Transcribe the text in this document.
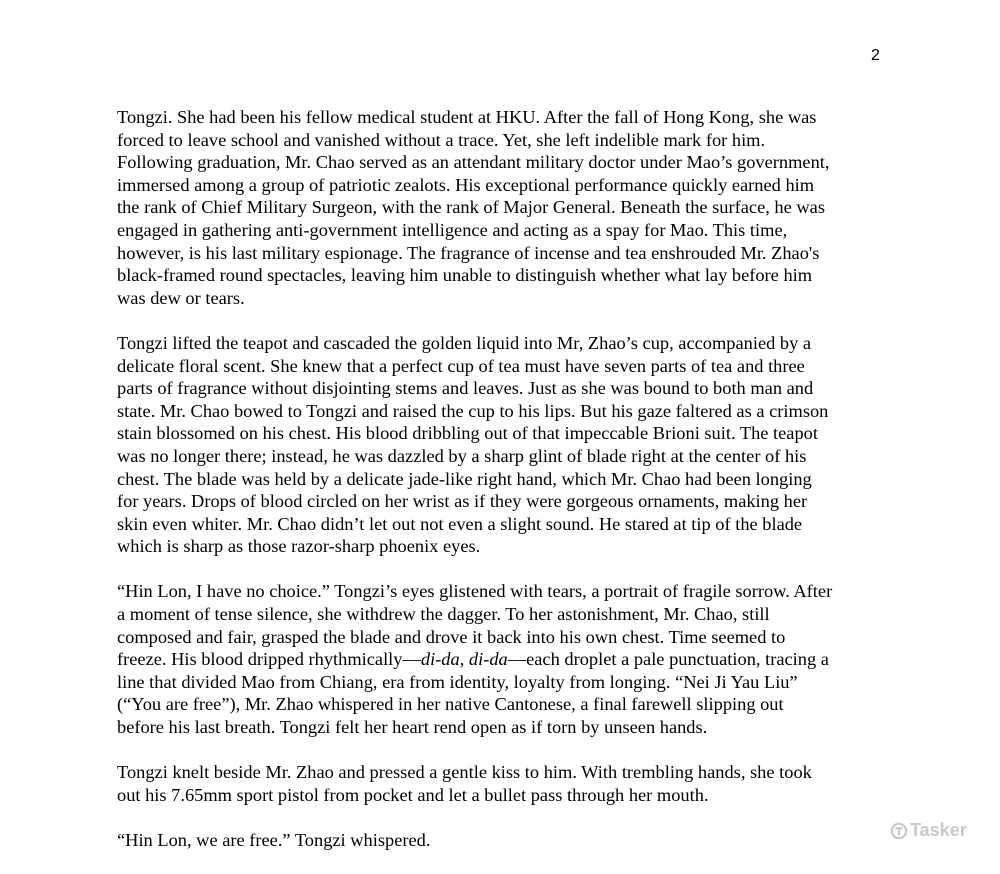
2
Tongzi. She had been his fellow medical student at HKU. After the fall of Hong Kong, she was
forced to leave school and vanished without a trace. Yet, she left indelible mark for him.
Following graduation, Mr. Chao served as an attendant military doctor under Mao’s government,
immersed among a group of patriotic zealots. His exceptional performance quickly earned him
the rank of Chief Military Surgeon, with the rank of Major General. Beneath the surface, he was
engaged in gathering anti-government intelligence and acting as a spay for Mao. This time,
however, is his last military espionage. The fragrance of incense and tea enshrouded Mr. Zhao's
black-framed round spectacles, leaving him unable to distinguish whether what lay before him
was dew or tears.
Tongzi lifted the teapot and cascaded the golden liquid into Mr, Zhao’s cup, accompanied by a
delicate floral scent. She knew that a perfect cup of tea must have seven parts of tea and three
parts of fragrance without disjointing stems and leaves. Just as she was bound to both man and
state. Mr. Chao bowed to Tongzi and raised the cup to his lips. But his gaze faltered as a crimson
stain blossomed on his chest. His blood dribbling out of that impeccable Brioni suit. The teapot
was no longer there; instead, he was dazzled by a sharp glint of blade right at the center of his
chest. The blade was held by a delicate jade-like right hand, which Mr. Chao had been longing
for years. Drops of blood circled on her wrist as if they were gorgeous ornaments, making her
skin even whiter. Mr. Chao didn’t let out not even a slight sound. He stared at tip of the blade
which is sharp as those razor-sharp phoenix eyes.
“Hin Lon, I have no choice.” Tongzi’s eyes glistened with tears, a portrait of fragile sorrow. After
a moment of tense silence, she withdrew the dagger. To her astonishment, Mr. Chao, still
composed and fair, grasped the blade and drove it back into his own chest. Time seemed to
freeze. His blood dripped rhythmically—di-da, di-da—each droplet a pale punctuation, tracing a
line that divided Mao from Chiang, era from identity, loyalty from longing. “Nei Ji Yau Liu”
(“You are free”), Mr. Zhao whispered in her native Cantonese, a final farewell slipping out
before his last breath. Tongzi felt her heart rend open as if torn by unseen hands.
Tongzi knelt beside Mr. Zhao and pressed a gentle kiss to him. With trembling hands, she took
out his 7.65mm sport pistol from pocket and let a bullet pass through her mouth.
“Hin Lon, we are free.” Tongzi whispered.	Tasker
